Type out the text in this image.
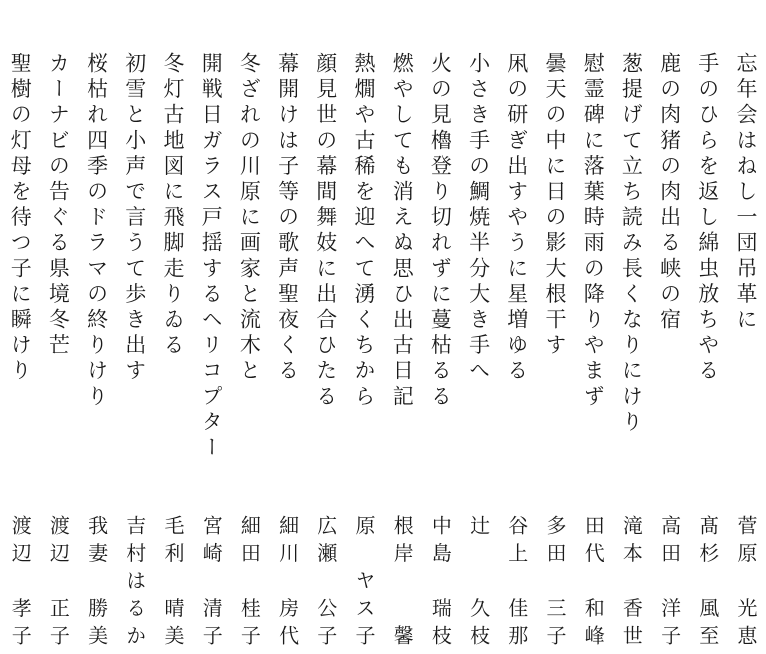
忘年会はねし一団吊革に
菅原　光恵
手のひらを返し綿虫放ちやる
髙杉　風至
鹿の肉猪の肉出る峡の宿
高田　洋子
葱提げて立ち読み長くなりにけり
滝本　香世
慰霊碑に落葉時雨の降りやまず
田代　和峰
曇天の中に日の影大根干す
多田　三子
凩の研ぎ出すやうに星増ゆる
谷上　佳那
小さき手の鯛焼半分大き手へ
辻　　久枝
火の見櫓登り切れずに蔓枯るる
中島　瑞枝
燃やしても消えぬ思ひ出古日記
根岸　　馨
熱燗や古稀を迎へて湧くちから
原　ヤス子
顔見世の幕間舞妓に出合ひたる
広瀬　公子
幕開けは子等の歌声聖夜くる
細川　房代
冬ざれの川原に画家と流木と
細田　桂子
開戦日ガラス戸揺するヘリコプター
宮崎　清子
冬灯古地図に飛脚走りゐる
毛利　晴美
初雪と小声で言うて歩き出す
吉村はるか
桜枯れ四季のドラマの終りけり
我妻　勝美
カーナビの告ぐる県境冬芒
渡辺　正子
聖樹の灯母を待つ子に瞬けり
渡辺　孝子
